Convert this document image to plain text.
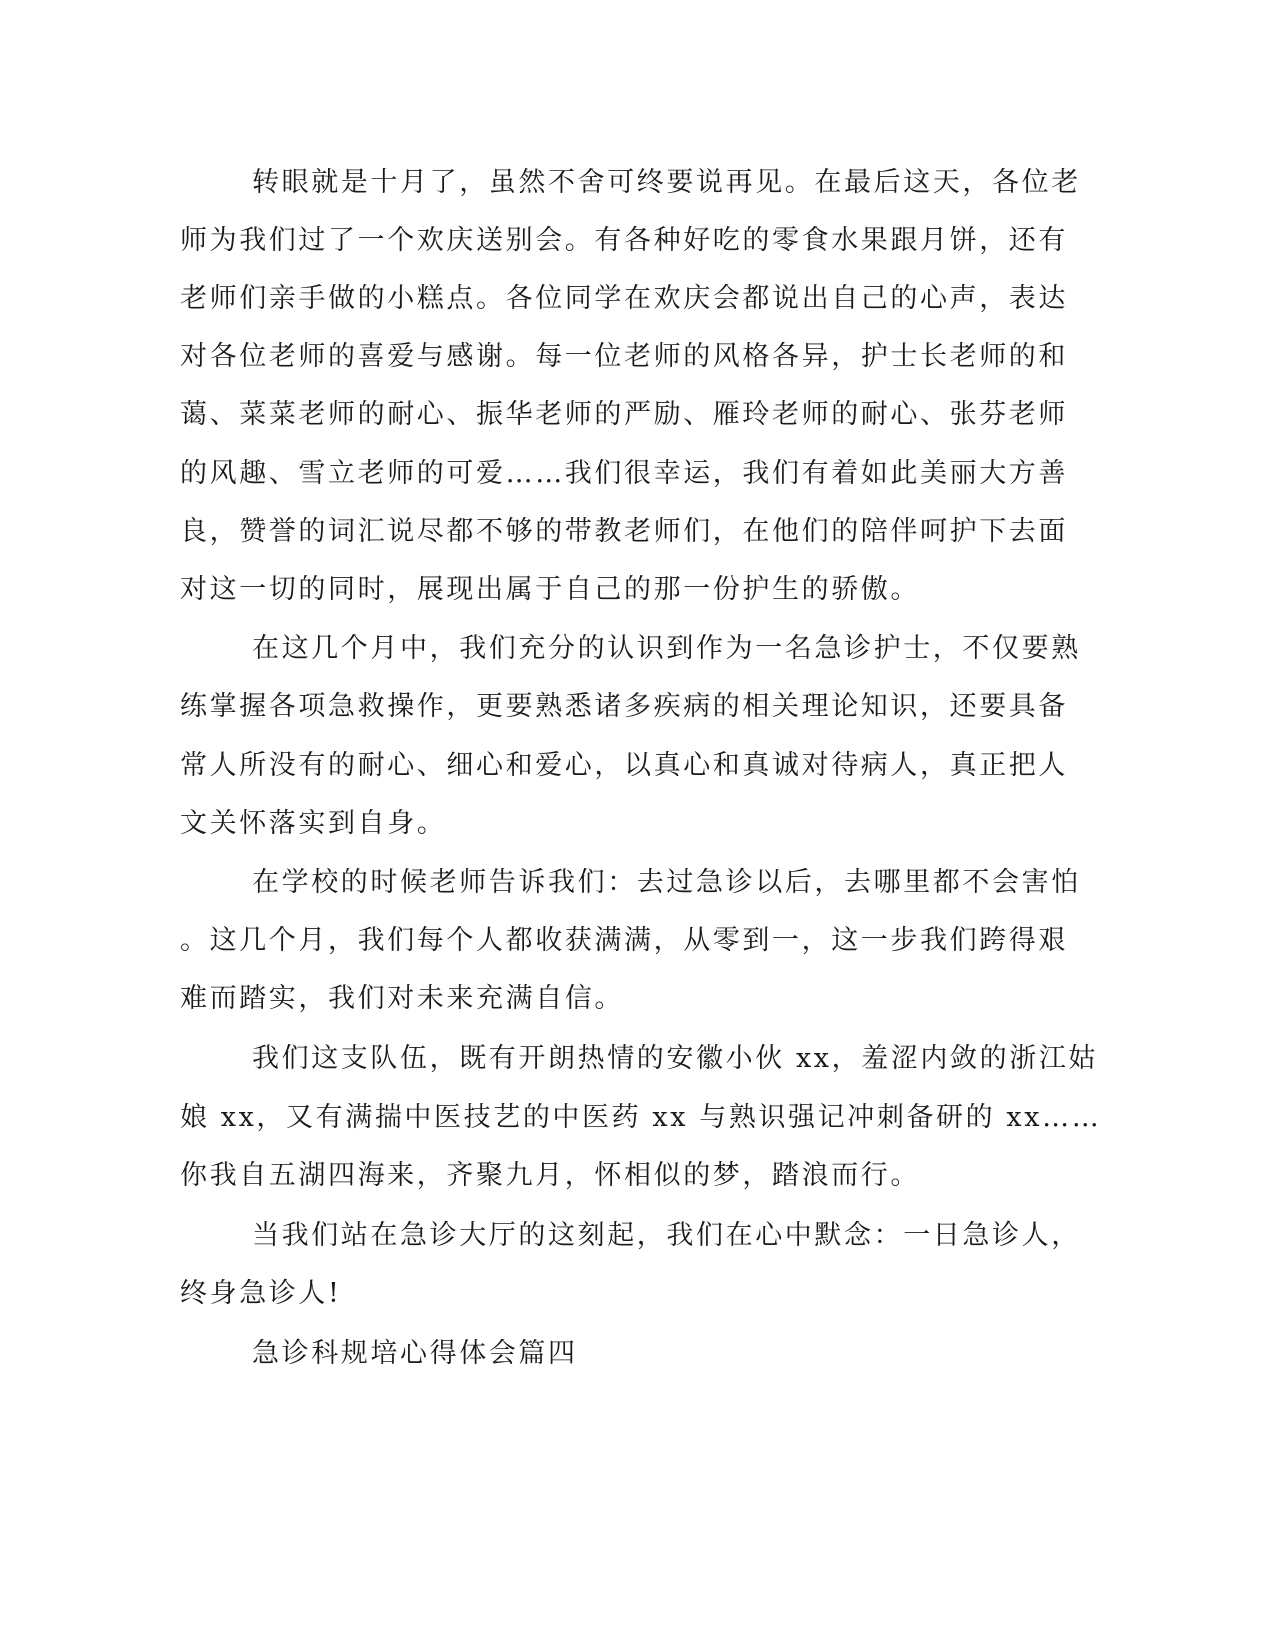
转眼就是十月了，虽然不舍可终要说再见。在最后这天，各位老
师为我们过了一个欢庆送别会。有各种好吃的零食水果跟月饼，还有
老师们亲手做的小糕点。各位同学在欢庆会都说出自己的心声，表达
对各位老师的喜爱与感谢。每一位老师的风格各异，护士长老师的和
蔼、菜菜老师的耐心、振华老师的严励、雁玲老师的耐心、张芬老师
的风趣、雪立老师的可爱……我们很幸运，我们有着如此美丽大方善
良，赞誉的词汇说尽都不够的带教老师们，在他们的陪伴呵护下去面
对这一切的同时，展现出属于自己的那一份护生的骄傲。
在这几个月中，我们充分的认识到作为一名急诊护士，不仅要熟
练掌握各项急救操作，更要熟悉诸多疾病的相关理论知识，还要具备
常人所没有的耐心、细心和爱心，以真心和真诚对待病人，真正把人
文关怀落实到自身。
在学校的时候老师告诉我们：去过急诊以后，去哪里都不会害怕
。这几个月，我们每个人都收获满满，从零到一，这一步我们跨得艰
难而踏实，我们对未来充满自信。
我们这支队伍，既有开朗热情的安徽小伙 xx，羞涩内敛的浙江姑
娘 xx，又有满揣中医技艺的中医药 xx 与熟识强记冲刺备研的 xx……
你我自五湖四海来，齐聚九月，怀相似的梦，踏浪而行。
当我们站在急诊大厅的这刻起，我们在心中默念：一日急诊人，
终身急诊人!
急诊科规培心得体会篇四
